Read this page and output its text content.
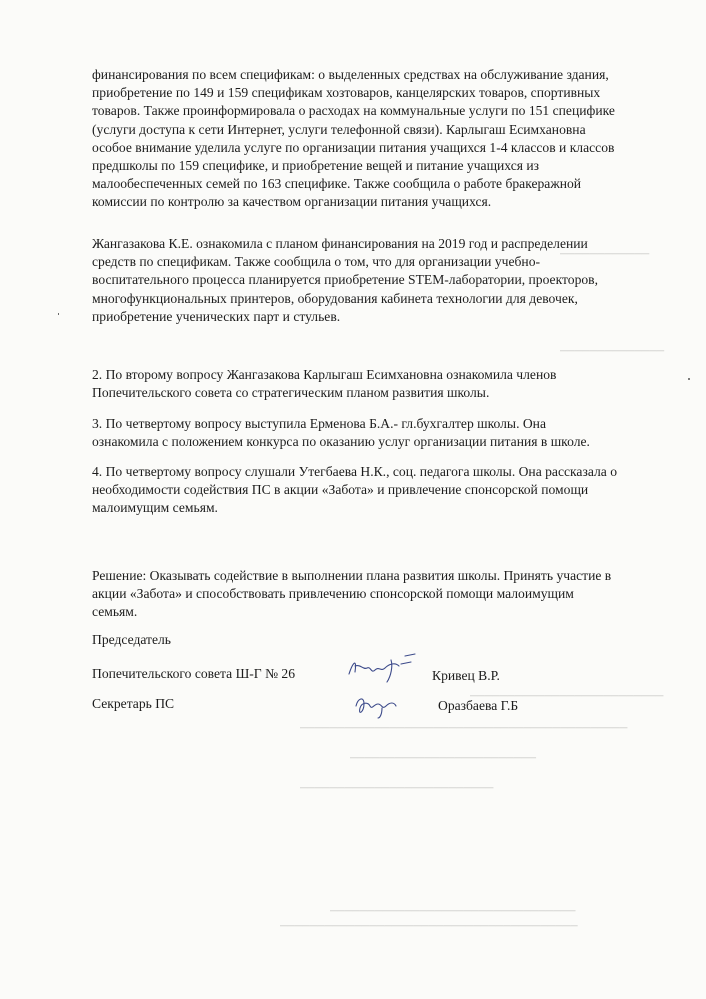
────────────
──────────────
──────────────────────────
────────────────────────────────────────────
─────────────────────────
──────────────────────────
─────────────────────────────────
────────────────────────────────────────
финансирования по всем спецификам: о выделенных средствах на обслуживание здания,
приобретение по 149 и 159 спецификам хозтоваров, канцелярских товаров, спортивных
товаров. Также проинформировала о расходах на коммунальные услуги по 151 специфике
(услуги доступа к сети Интернет, услуги телефонной связи). Карлыгаш Есимхановна
особое внимание уделила услуге по организации питания учащихся 1-4 классов и классов
предшколы по 159 специфике, и приобретение вещей и питание учащихся из
малообеспеченных семей по 163 специфике. Также сообщила о работе бракеражной
комиссии по контролю за качеством организации питания учащихся.
Жангазакова К.Е. ознакомила с планом финансирования на 2019 год и распределении
средств по спецификам. Также сообщила о том, что для организации учебно-
воспитательного процесса планируется приобретение STEM-лаборатории, проекторов,
многофункциональных принтеров, оборудования кабинета технологии для девочек,
приобретение ученических парт и стульев.
2. По второму вопросу Жангазакова Карлыгаш Есимхановна ознакомила членов
Попечительского совета со стратегическим планом развития школы.
3. По четвертому вопросу выступила Ерменова Б.А.- гл.бухгалтер школы. Она
ознакомила с положением конкурса по оказанию услуг организации питания в школе.
4. По четвертому вопросу слушали Утегбаева Н.К., соц. педагога школы. Она рассказала о
необходимости содействия ПС в акции «Забота» и привлечение спонсорской помощи
малоимущим семьям.
Решение: Оказывать содействие в выполнении плана развития школы. Принять участие в
акции «Забота» и способствовать привлечению спонсорской помощи малоимущим
семьям.
Председатель
Попечительского совета Ш-Г № 26	Кривец В.Р.
Секретарь ПС	Оразбаева Г.Б
